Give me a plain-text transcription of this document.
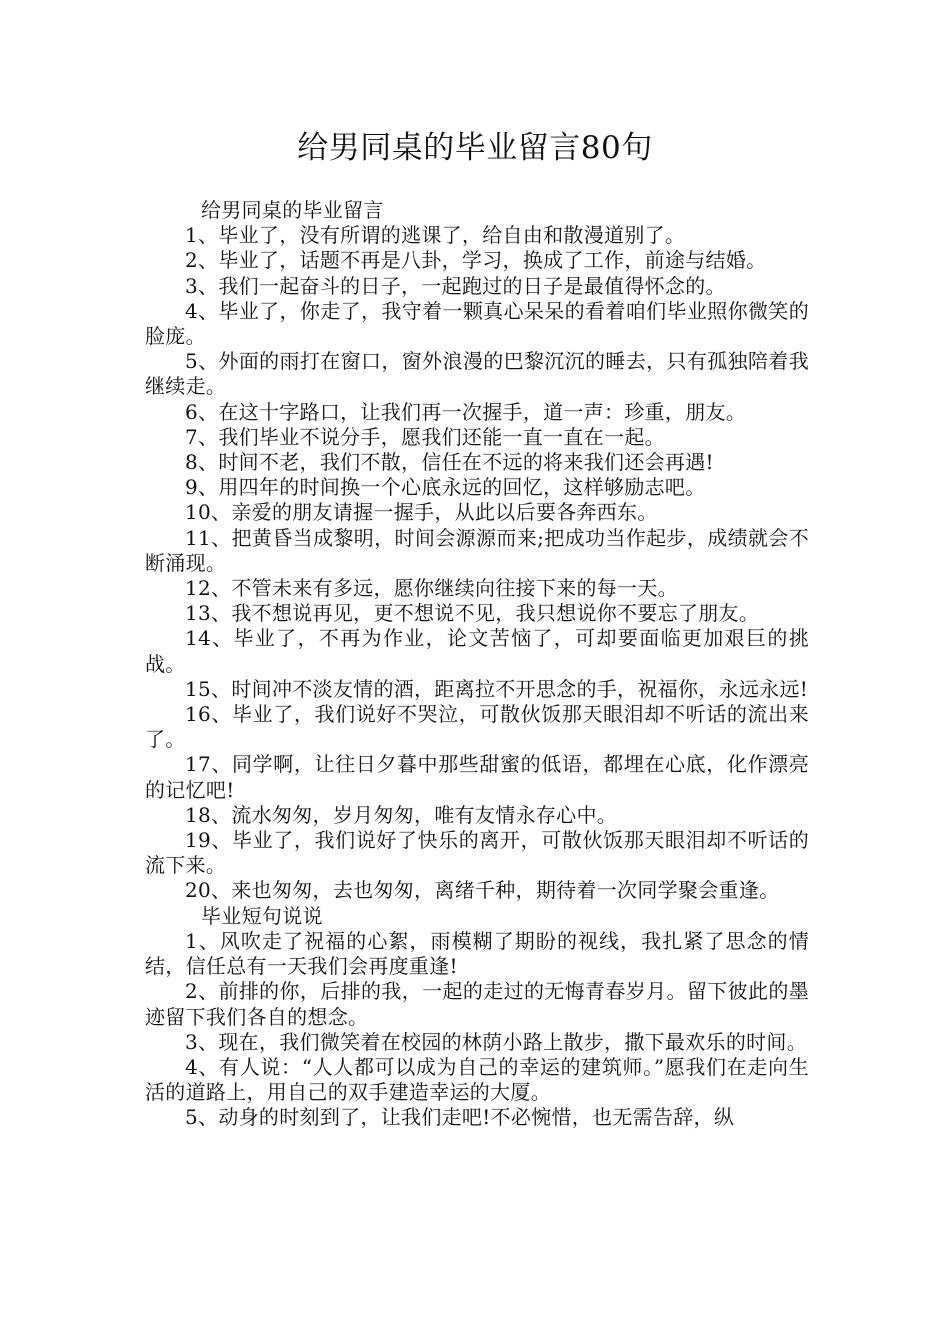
给男同桌的毕业留言80句

给男同桌的毕业留言

1、毕业了，没有所谓的逃课了，给自由和散漫道别了。

2、毕业了，话题不再是八卦，学习，换成了工作，前途与结婚。

3、我们一起奋斗的日子，一起跑过的日子是最值得怀念的。

4、毕业了，你走了，我守着一颗真心呆呆的看着咱们毕业照你微笑的脸庞。

5、外面的雨打在窗口，窗外浪漫的巴黎沉沉的睡去，只有孤独陪着我继续走。

6、在这十字路口，让我们再一次握手，道一声：珍重，朋友。

7、我们毕业不说分手，愿我们还能一直一直在一起。

8、时间不老，我们不散，信任在不远的将来我们还会再遇!

9、用四年的时间换一个心底永远的回忆，这样够励志吧。

10、亲爱的朋友请握一握手，从此以后要各奔西东。

11、把黄昏当成黎明，时间会源源而来;把成功当作起步，成绩就会不断涌现。

12、不管未来有多远，愿你继续向往接下来的每一天。

13、我不想说再见，更不想说不见，我只想说你不要忘了朋友。

14、毕业了，不再为作业，论文苦恼了，可却要面临更加艰巨的挑战。

15、时间冲不淡友情的酒，距离拉不开思念的手，祝福你，永远永远!

16、毕业了，我们说好不哭泣，可散伙饭那天眼泪却不听话的流出来了。

17、同学啊，让往日夕暮中那些甜蜜的低语，都埋在心底，化作漂亮的记忆吧!

18、流水匆匆，岁月匆匆，唯有友情永存心中。

19、毕业了，我们说好了快乐的离开，可散伙饭那天眼泪却不听话的流下来。

20、来也匆匆，去也匆匆，离绪千种，期待着一次同学聚会重逢。

毕业短句说说

1、风吹走了祝福的心絮，雨模糊了期盼的视线，我扎紧了思念的情结，信任总有一天我们会再度重逢!

2、前排的你，后排的我，一起的走过的无悔青春岁月。留下彼此的墨迹留下我们各自的想念。

3、现在，我们微笑着在校园的林荫小路上散步，撒下最欢乐的时间。

4、有人说：“人人都可以成为自己的幸运的建筑师。”愿我们在走向生活的道路上，用自己的双手建造幸运的大厦。

5、动身的时刻到了，让我们走吧!不必惋惜，也无需告辞，纵
